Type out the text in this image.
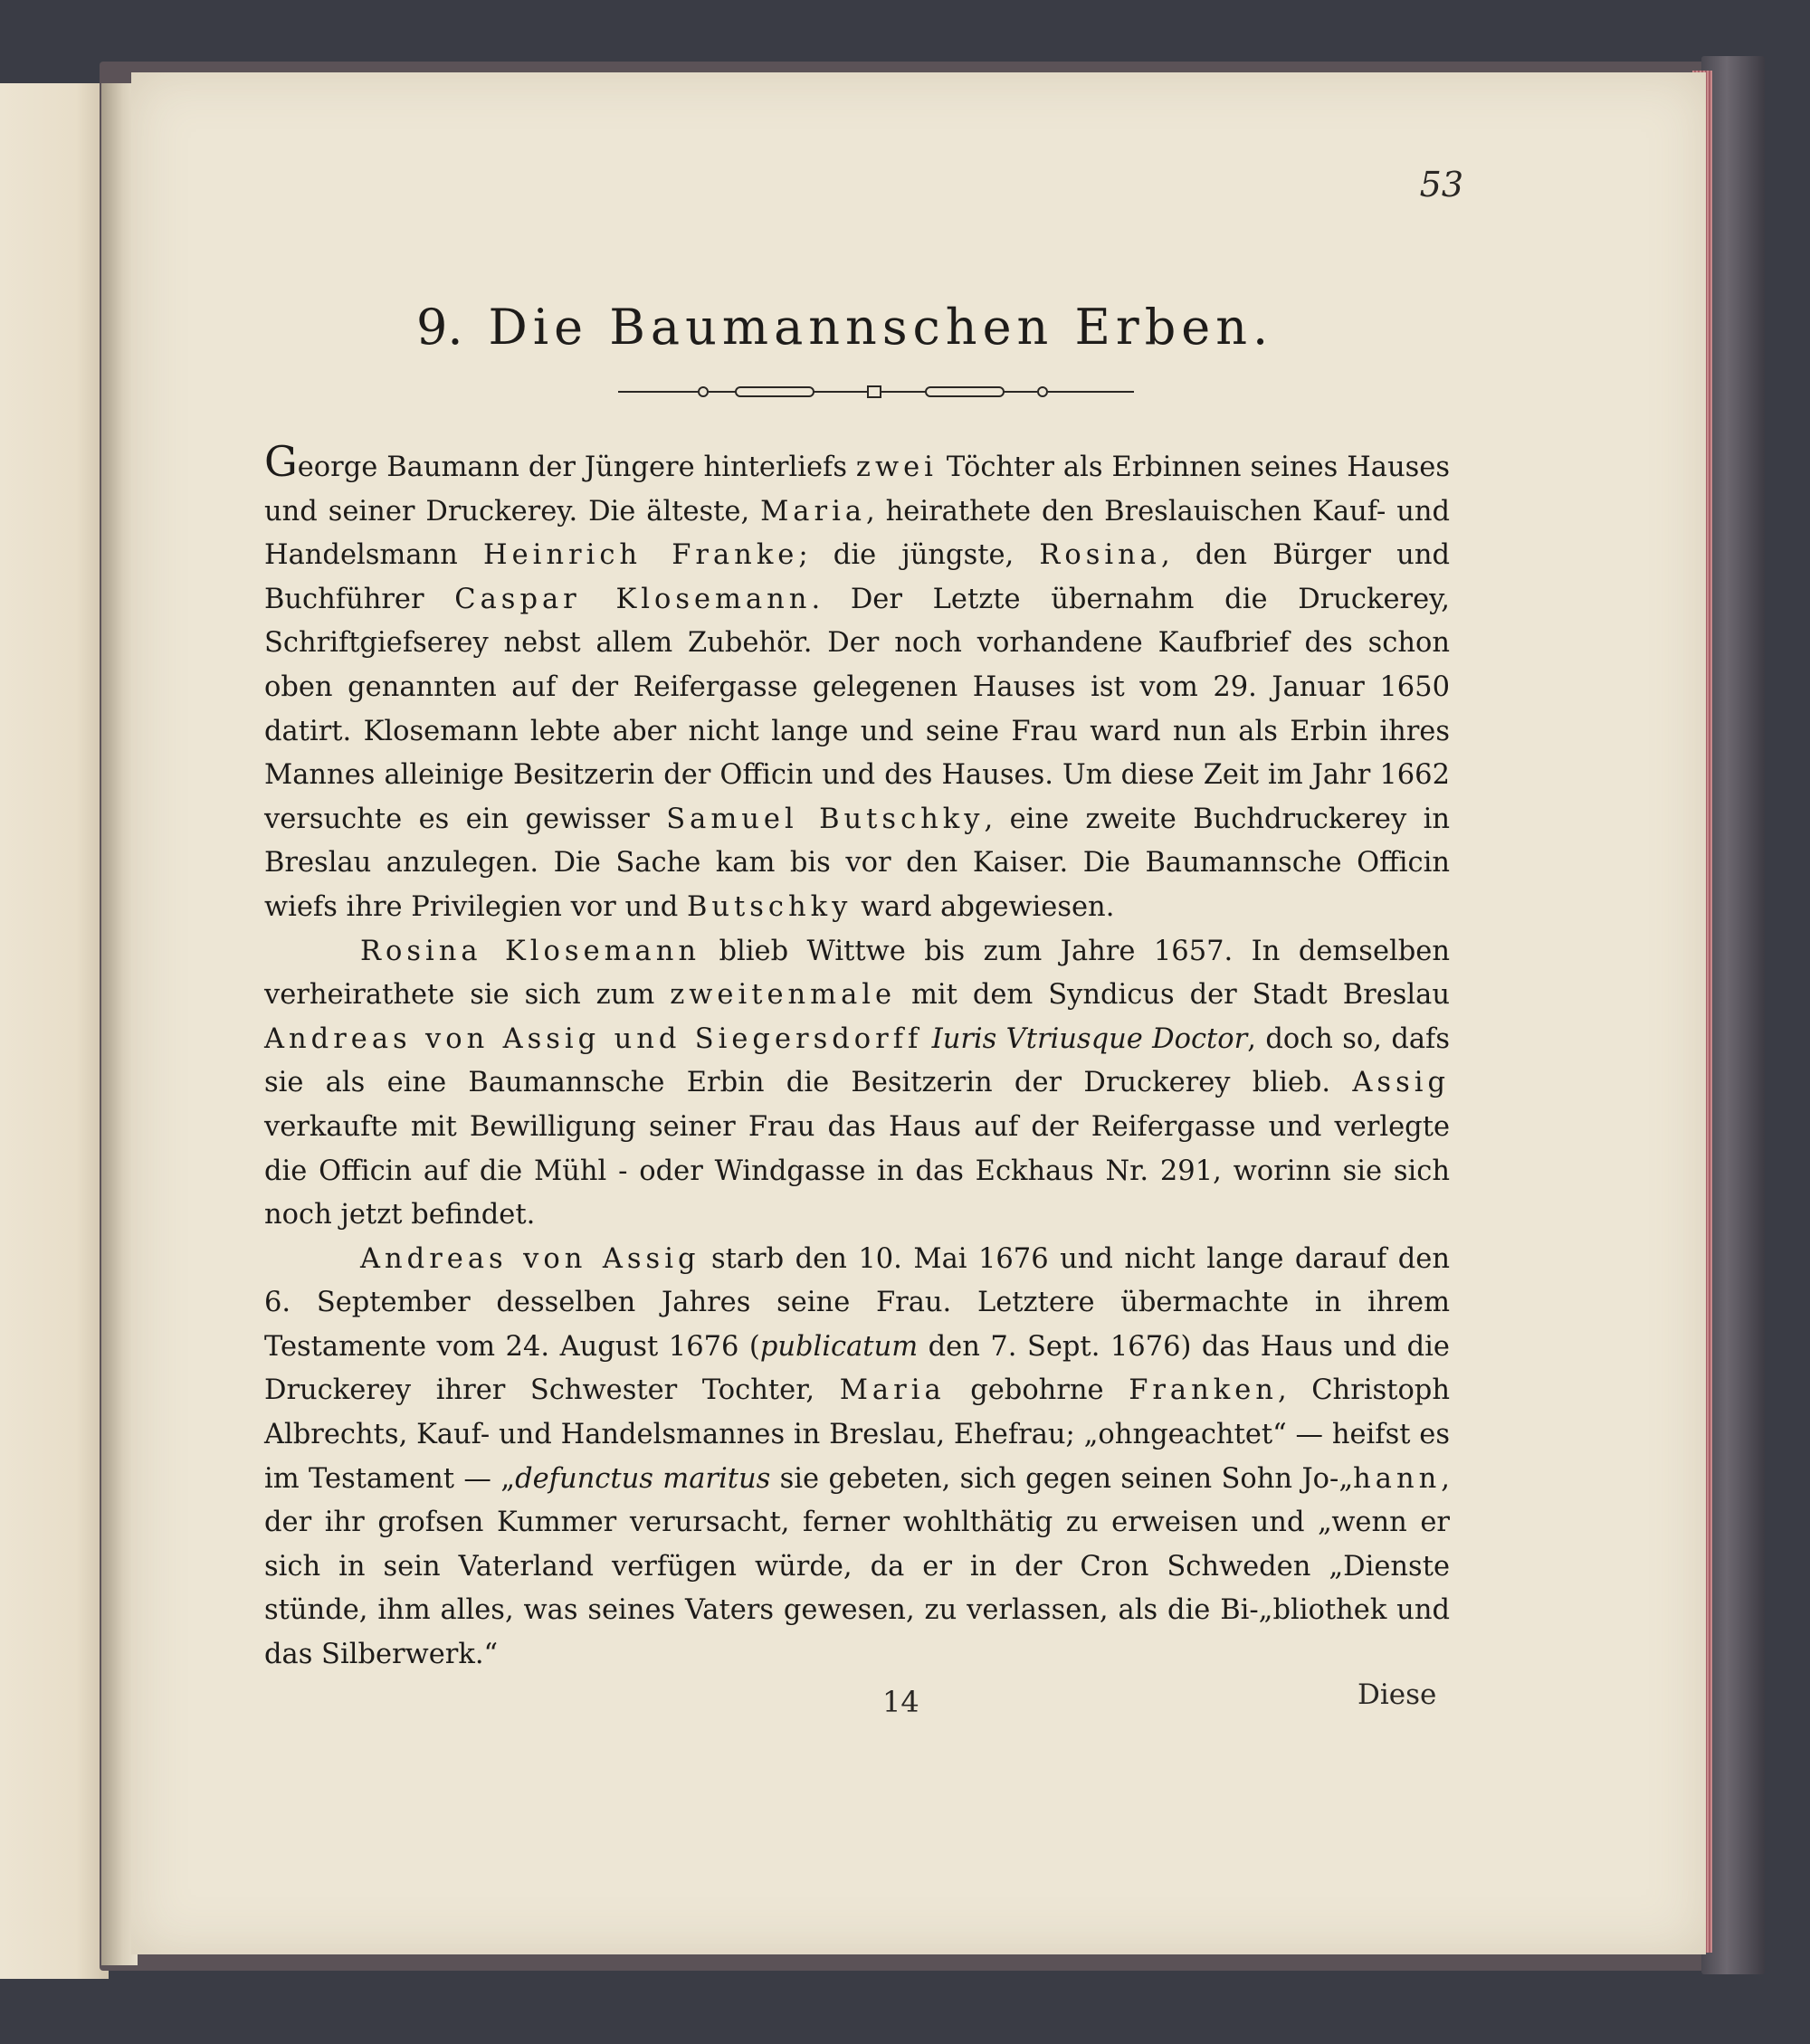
53
9. Die Baumannschen Erben.

George Baumann der Jüngere hinterliefs zwei Töchter als Erbinnen seines Hauses und seiner Druckerey. Die älteste, Maria, heirathete den Breslauischen Kauf- und Handelsmann Heinrich Franke; die jüngste, Rosina, den Bürger und Buchführer Caspar Klosemann. Der Letzte übernahm die Druckerey, Schriftgiefserey nebst allem Zubehör. Der noch vorhandene Kaufbrief des schon oben genannten auf der Reifergasse gelegenen Hauses ist vom 29. Januar 1650 datirt. Klosemann lebte aber nicht lange und seine Frau ward nun als Erbin ihres Mannes alleinige Besitzerin der Officin und des Hauses. Um diese Zeit im Jahr 1662 versuchte es ein gewisser Samuel Butschky, eine zweite Buchdruckerey in Breslau anzulegen. Die Sache kam bis vor den Kaiser. Die Baumannsche Officin wiefs ihre Privilegien vor und Butschky ward abgewiesen.

Rosina Klosemann blieb Wittwe bis zum Jahre 1657. In demselben verheirathete sie sich zum zweitenmale mit dem Syndicus der Stadt Breslau Andreas von Assig und Siegersdorff Iuris Vtriusque Doctor, doch so, dafs sie als eine Baumannsche Erbin die Besitzerin der Druckerey blieb. Assig verkaufte mit Bewilligung seiner Frau das Haus auf der Reifergasse und verlegte die Officin auf die Mühl - oder Windgasse in das Eckhaus Nr. 291, worinn sie sich noch jetzt befindet.

Andreas von Assig starb den 10. Mai 1676 und nicht lange darauf den 6. September desselben Jahres seine Frau. Letztere übermachte in ihrem Testamente vom 24. August 1676 (publicatum den 7. Sept. 1676) das Haus und die Druckerey ihrer Schwester Tochter, Maria gebohrne Franken, Christoph Albrechts, Kauf- und Handelsmannes in Breslau, Ehefrau; „ohngeachtet“ — heifst es im Testament — „defunctus maritus sie gebeten, sich gegen seinen Sohn Jo-„hann, der ihr grofsen Kummer verursacht, ferner wohlthätig zu erweisen und „wenn er sich in sein Vaterland verfügen würde, da er in der Cron Schweden „Dienste stünde, ihm alles, was seines Vaters gewesen, zu verlassen, als die Bi-„bliothek und das Silberwerk.“

14	Diese
